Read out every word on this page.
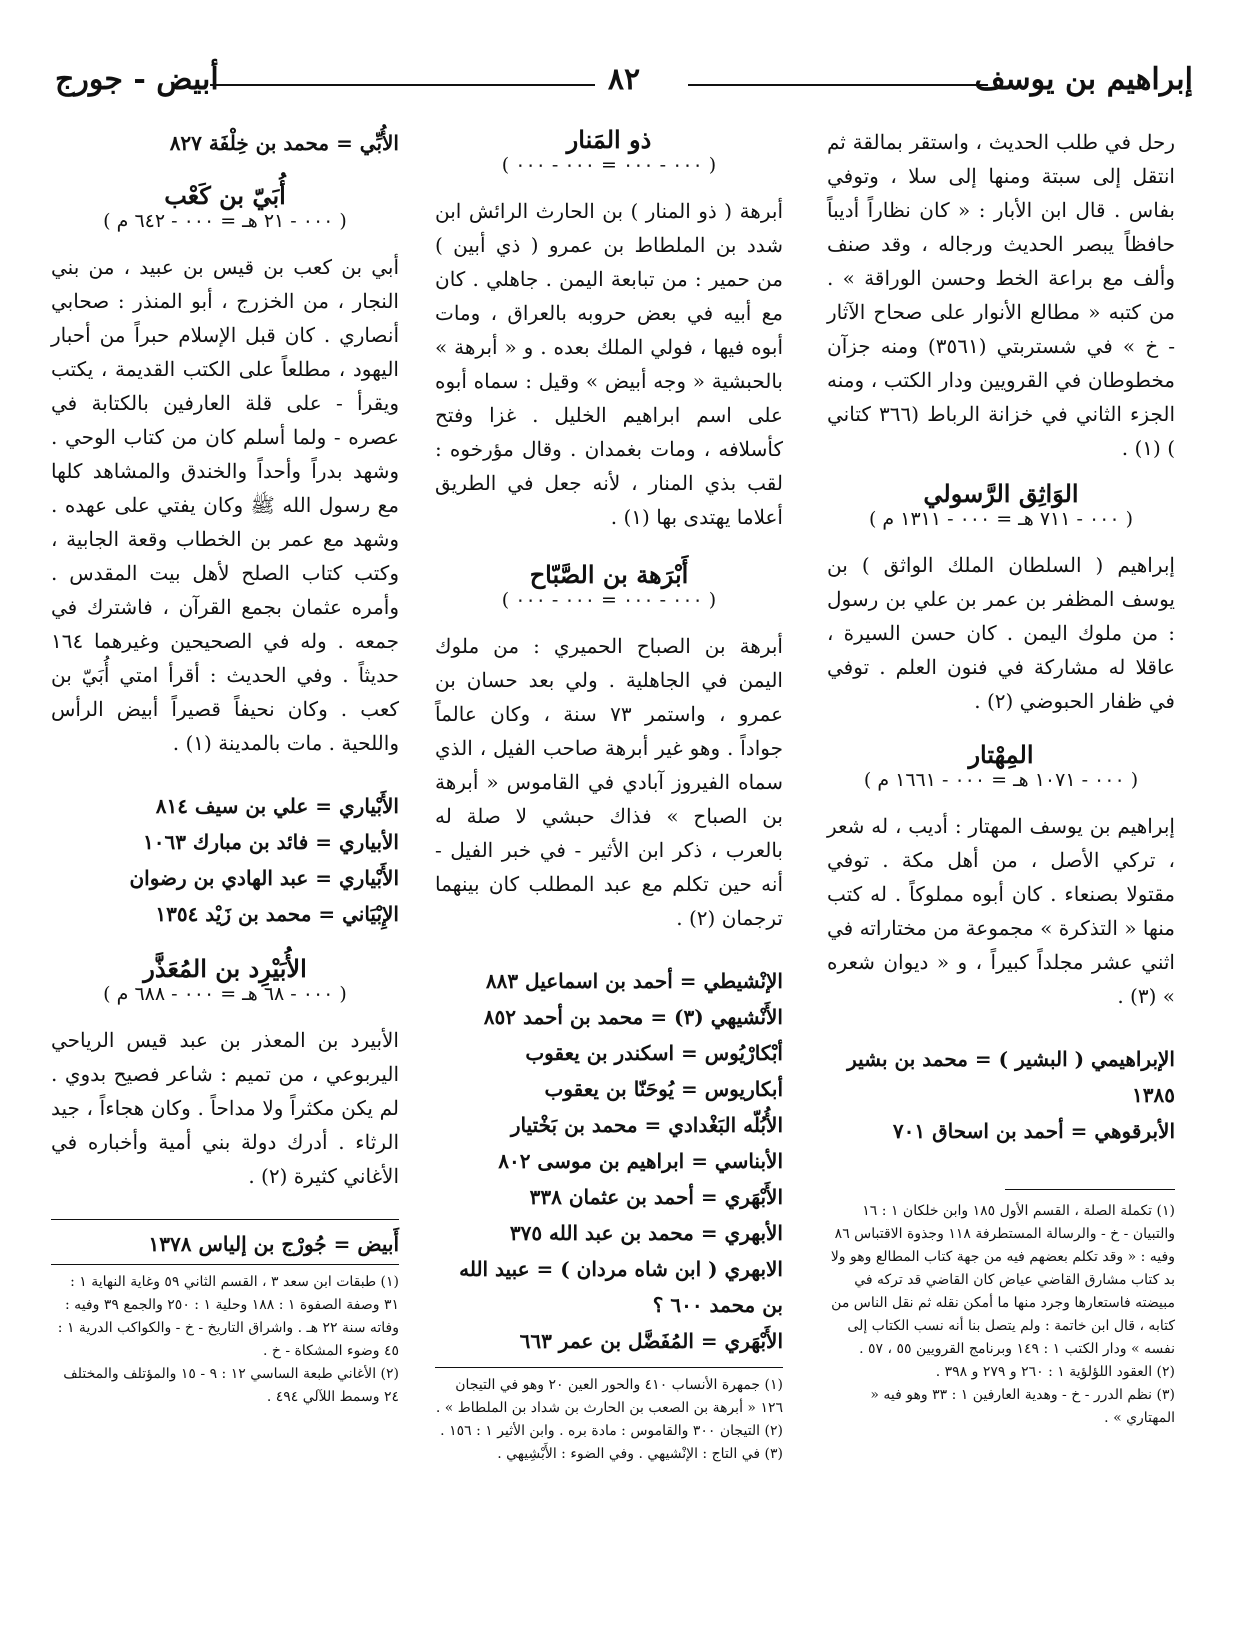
إبراهيم بن يوسف
٨٢
أبيض - جورج

رحل في طلب الحديث ، واستقر بمالقة ثم انتقل إلى سبتة ومنها إلى سلا ، وتوفي بفاس . قال ابن الأبار : « كان نظاراً أديباً حافظاً يبصر الحديث ورجاله ، وقد صنف وألف مع براعة الخط وحسن الوراقة » . من كتبه « مطالع الأنوار على صحاح الآثار - خ » في شستربتي (٣٥٦١) ومنه جزآن مخطوطان في القرويين ودار الكتب ، ومنه الجزء الثاني في خزانة الرباط (٣٦٦ كتاني ) (١) .

الوَاثِق الرَّسولي
( ٠٠٠ - ٧١١ هـ = ٠٠٠ - ١٣١١ م )

إبراهيم ( السلطان الملك الواثق ) بن يوسف المظفر بن عمر بن علي بن رسول : من ملوك اليمن . كان حسن السيرة ، عاقلا له مشاركة في فنون العلم . توفي في ظفار الحبوضي (٢) .

المِهْتار
( ٠٠٠ - ١٠٧١ هـ = ٠٠٠ - ١٦٦١ م )

إبراهيم بن يوسف المهتار : أديب ، له شعر ، تركي الأصل ، من أهل مكة . توفي مقتولا بصنعاء . كان أبوه مملوكاً . له كتب منها « التذكرة » مجموعة من مختاراته في اثني عشر مجلداً كبيراً ، و « ديوان شعره » (٣) .

الإبراهيمي ( البشير ) = محمد بن بشير ١٣٨٥
الأبرقوهي = أحمد بن اسحاق ٧٠١

(١) تكملة الصلة ، القسم الأول ١٨٥ وابن خلكان ١ : ١٦ والتبيان - خ - والرسالة المستطرفة ١١٨ وجذوة الاقتباس ٨٦ وفيه : « وقد تكلم بعضهم فيه من جهة كتاب المطالع وهو ولا بد كتاب مشارق القاضي عياض كان القاضي قد تركه في مبيضته فاستعارها وجرد منها ما أمكن نقله ثم نقل الناس من كتابه ، قال ابن خاتمة : ولم يتصل بنا أنه نسب الكتاب إلى نفسه » ودار الكتب ١ : ١٤٩ وبرنامج القرويين ٥٥ ، ٥٧ .

(٢) العقود اللؤلؤية ١ : ٢٦٠ و ٢٧٩ و ٣٩٨ .

(٣) نظم الدرر - خ - وهدية العارفين ١ : ٣٣ وهو فيه « المهتاري » .

ذو المَنار
( ٠٠٠ - ٠٠٠ = ٠٠٠ - ٠٠٠ )

أبرهة ( ذو المنار ) بن الحارث الرائش ابن شدد بن الملطاط بن عمرو ( ذي أبين ) من حمير : من تبابعة اليمن . جاهلي . كان مع أبيه في بعض حروبه بالعراق ، ومات أبوه فيها ، فولي الملك بعده . و « أبرهة » بالحبشية « وجه أبيض » وقيل : سماه أبوه على اسم ابراهيم الخليل . غزا وفتح كأسلافه ، ومات بغمدان . وقال مؤرخوه : لقب بذي المنار ، لأنه جعل في الطريق أعلاما يهتدى بها (١) .

أَبْرَهة بن الصَّبّاح
( ٠٠٠ - ٠٠٠ = ٠٠٠ - ٠٠٠ )

أبرهة بن الصباح الحميري : من ملوك اليمن في الجاهلية . ولي بعد حسان بن عمرو ، واستمر ٧٣ سنة ، وكان عالماً جواداً . وهو غير أبرهة صاحب الفيل ، الذي سماه الفيروز آبادي في القاموس « أبرهة بن الصباح » فذاك حبشي لا صلة له بالعرب ، ذكر ابن الأثير - في خبر الفيل - أنه حين تكلم مع عبد المطلب كان بينهما ترجمان (٢) .

الإنْشيطي = أحمد بن اسماعيل ٨٨٣
الأَنْشيهي (٣) = محمد بن أحمد ٨٥٢
أبْكارْيُوس = اسكندر بن يعقوب
أبكاريوس = يُوحَنّا بن يعقوب
الأُبُلّه البَغْدادي = محمد بن بَخْتيار
الأبناسي = ابراهيم بن موسى ٨٠٢
الأَبْهَري = أحمد بن عثمان ٣٣٨
الأبهري = محمد بن عبد الله ٣٧٥
الابهري ( ابن شاه مردان ) = عبيد الله بن محمد ٦٠٠ ؟
الأَبْهَري = المُفَضَّل بن عمر ٦٦٣

(١) جمهرة الأنساب ٤١٠ والحور العين ٢٠ وهو في التيجان ١٢٦ « أبرهة بن الصعب بن الحارث بن شداد بن الملطاط » .

(٢) التيجان ٣٠٠ والقاموس : مادة بره . وابن الأثير ١ : ١٥٦ .

(٣) في التاج : الإنْشيهي . وفي الضوء : الأَبْشِيهي .

الأُبِّي = محمد بن خِلْفَة ٨٢٧
أُبَيّ بن كَعْب
( ٠٠٠ - ٢١ هـ = ٠٠٠ - ٦٤٢ م )

أبي بن كعب بن قيس بن عبيد ، من بني النجار ، من الخزرج ، أبو المنذر : صحابي أنصاري . كان قبل الإسلام حبراً من أحبار اليهود ، مطلعاً على الكتب القديمة ، يكتب ويقرأ - على قلة العارفين بالكتابة في عصره - ولما أسلم كان من كتاب الوحي . وشهد بدراً وأحداً والخندق والمشاهد كلها مع رسول الله ﷺ وكان يفتي على عهده . وشهد مع عمر بن الخطاب وقعة الجابية ، وكتب كتاب الصلح لأهل بيت المقدس . وأمره عثمان بجمع القرآن ، فاشترك في جمعه . وله في الصحيحين وغيرهما ١٦٤ حديثاً . وفي الحديث : أقرأ امتي أُبَيّ بن كعب . وكان نحيفاً قصيراً أبيض الرأس واللحية . مات بالمدينة (١) .

الأَبْياري = علي بن سيف ٨١٤
الأبياري = فائد بن مبارك ١٠٦٣
الأَبْياري = عبد الهادي بن رضوان
الإِبْيَاني = محمد بن زَيْد ١٣٥٤
الأُبَيْرِد بن المُعَذَّر
( ٠٠٠ - ٦٨ هـ = ٠٠٠ - ٦٨٨ م )

الأبيرد بن المعذر بن عبد قيس الرياحي اليربوعي ، من تميم : شاعر فصيح بدوي . لم يكن مكثراً ولا مداحاً . وكان هجاءاً ، جيد الرثاء . أدرك دولة بني أمية وأخباره في الأغاني كثيرة (٢) .

أَبيض = جُورْج بن إلياس ١٣٧٨

(١) طبقات ابن سعد ٣ ، القسم الثاني ٥٩ وغاية النهاية ١ : ٣١ وصفة الصفوة ١ : ١٨٨ وحلية ١ : ٢٥٠ والجمع ٣٩ وفيه : وفاته سنة ٢٢ هـ . واشراق التاريخ - خ - والكواكب الدرية ١ : ٤٥ وضوء المشكاة - خ .

(٢) الأغاني طبعة الساسي ١٢ : ٩ - ١٥ والمؤتلف والمختلف ٢٤ وسمط اللآلي ٤٩٤ .
